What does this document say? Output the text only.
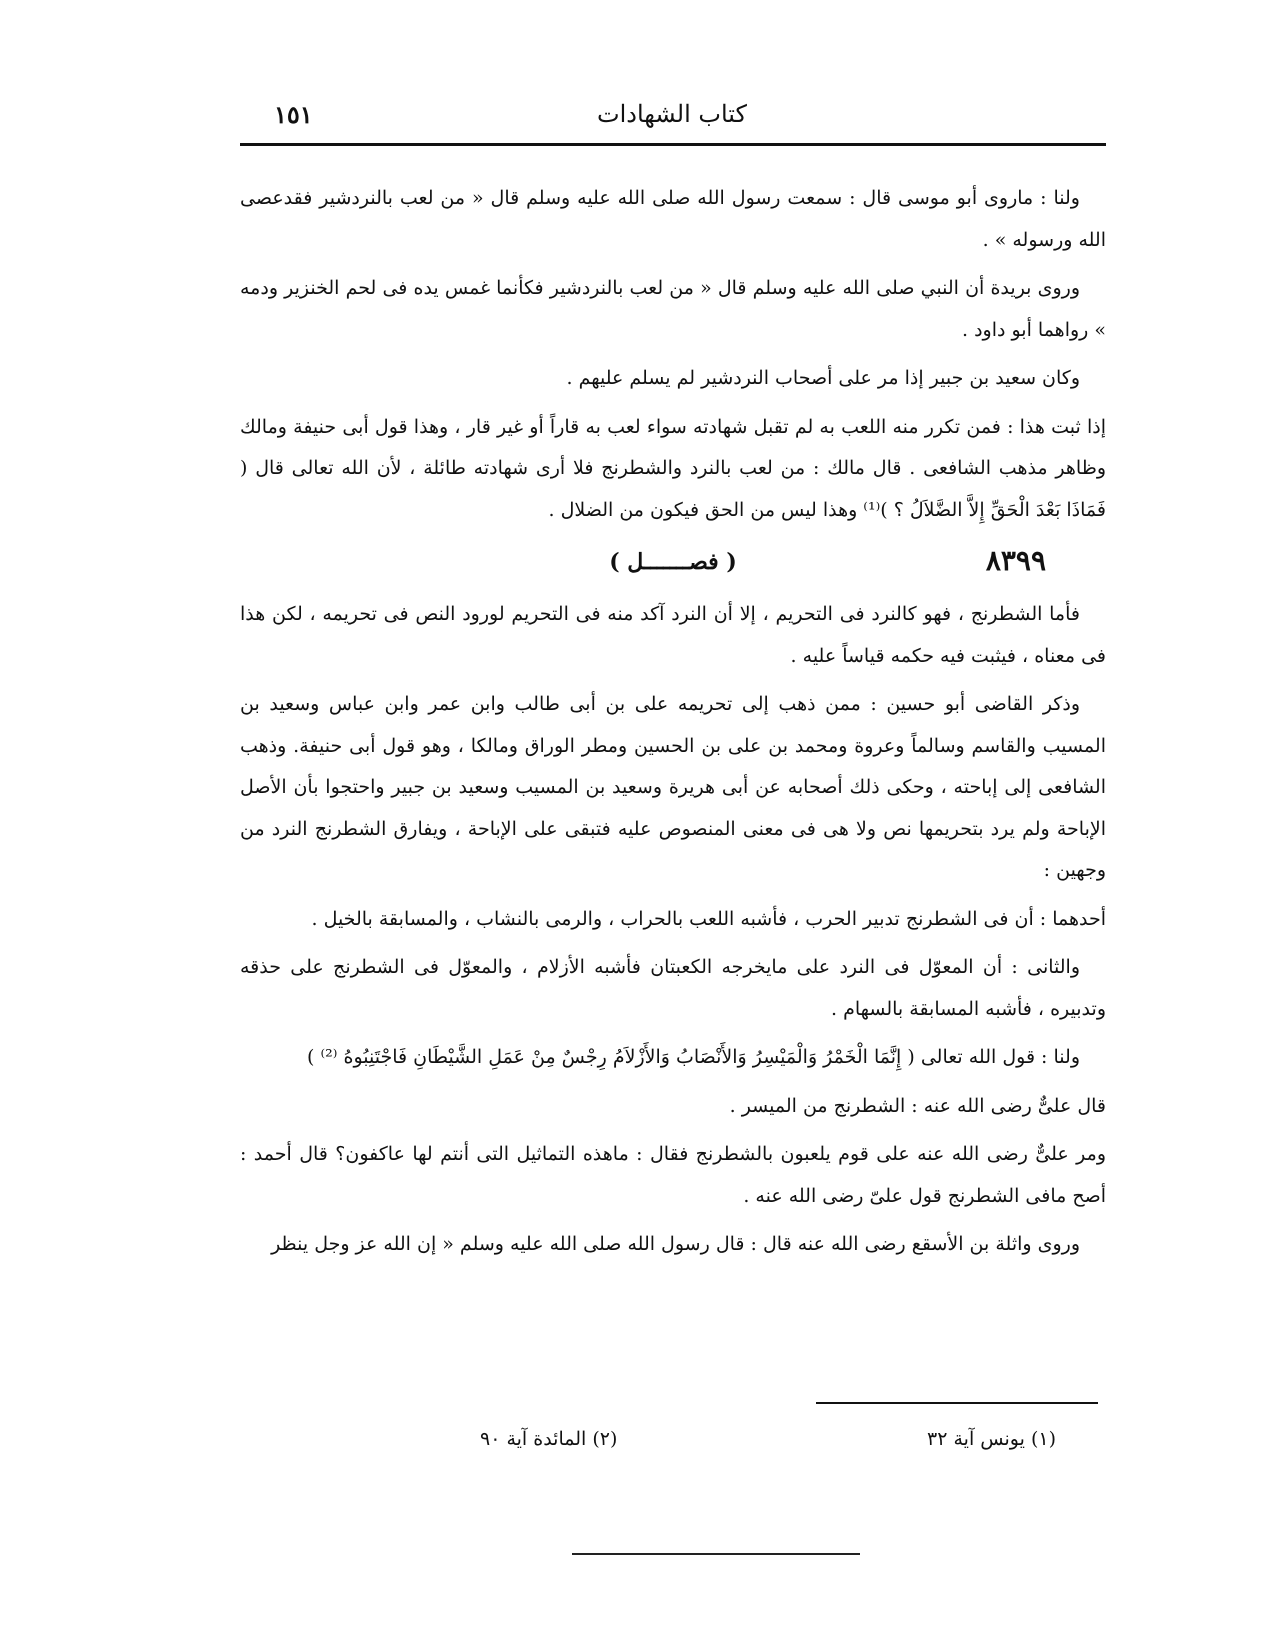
كتاب الشهادات
١٥١

ولنا : ماروى أبو موسى قال : سمعت رسول الله صلى الله عليه وسلم قال « من لعب بالنردشير فقدعصى الله ورسوله » .

وروى بريدة أن النبي صلى الله عليه وسلم قال « من لعب بالنردشير فكأنما غمس يده فى لحم الخنزير ودمه » رواهما أبو داود .

وكان سعيد بن جبير إذا مر على أصحاب النردشير لم يسلم عليهم .

إذا ثبت هذا : فمن تكرر منه اللعب به لم تقبل شهادته سواء لعب به قاراً أو غير قار ، وهذا قول أبى حنيفة ومالك وظاهر مذهب الشافعى . قال مالك : من لعب بالنرد والشطرنج فلا أرى شهادته طائلة ، لأن الله تعالى قال ( فَمَاذَا بَعْدَ الْحَقِّ إِلاَّ الضَّلاَلُ ؟ )⁽¹⁾ وهذا ليس من الحق فيكون من الضلال .

٨٣٩٩
( فصـــــــل )

فأما الشطرنج ، فهو كالنرد فى التحريم ، إلا أن النرد آكد منه فى التحريم لورود النص فى تحريمه ، لكن هذا فى معناه ، فيثبت فيه حكمه قياساً عليه .

وذكر القاضى أبو حسين : ممن ذهب إلى تحريمه على بن أبى طالب وابن عمر وابن عباس وسعيد بن المسيب والقاسم وسالماً وعروة ومحمد بن على بن الحسين ومطر الوراق ومالكا ، وهو قول أبى حنيفة. وذهب الشافعى إلى إباحته ، وحكى ذلك أصحابه عن أبى هريرة وسعيد بن المسيب وسعيد بن جبير واحتجوا بأن الأصل الإباحة ولم يرد بتحريمها نص ولا هى فى معنى المنصوص عليه فتبقى على الإباحة ، ويفارق الشطرنج النرد من وجهين :

أحدهما : أن فى الشطرنج تدبير الحرب ، فأشبه اللعب بالحراب ، والرمى بالنشاب ، والمسابقة بالخيل .

والثانى : أن المعوّل فى النرد على مايخرجه الكعبتان فأشبه الأزلام ، والمعوّل فى الشطرنج على حذقه وتدبيره ، فأشبه المسابقة بالسهام .

ولنا : قول الله تعالى ( إِنَّمَا الْخَمْرُ وَالْمَيْسِرُ وَالأَنْصَابُ وَالأَزْلاَمُ رِجْسٌ مِنْ عَمَلِ الشَّيْطَانِ فَاجْتَنِبُوهُ ⁽²⁾ )

قال علىٌّ رضى الله عنه : الشطرنج من الميسر .

ومر علىٌّ رضى الله عنه على قوم يلعبون بالشطرنج فقال : ماهذه التماثيل التى أنتم لها عاكفون؟ قال أحمد : أصح مافى الشطرنج قول علىّ رضى الله عنه .

وروى واثلة بن الأسقع رضى الله عنه قال : قال رسول الله صلى الله عليه وسلم « إن الله عز وجل ينظر

(١) يونس آية ٣٢
(٢) المائدة آية ٩٠
